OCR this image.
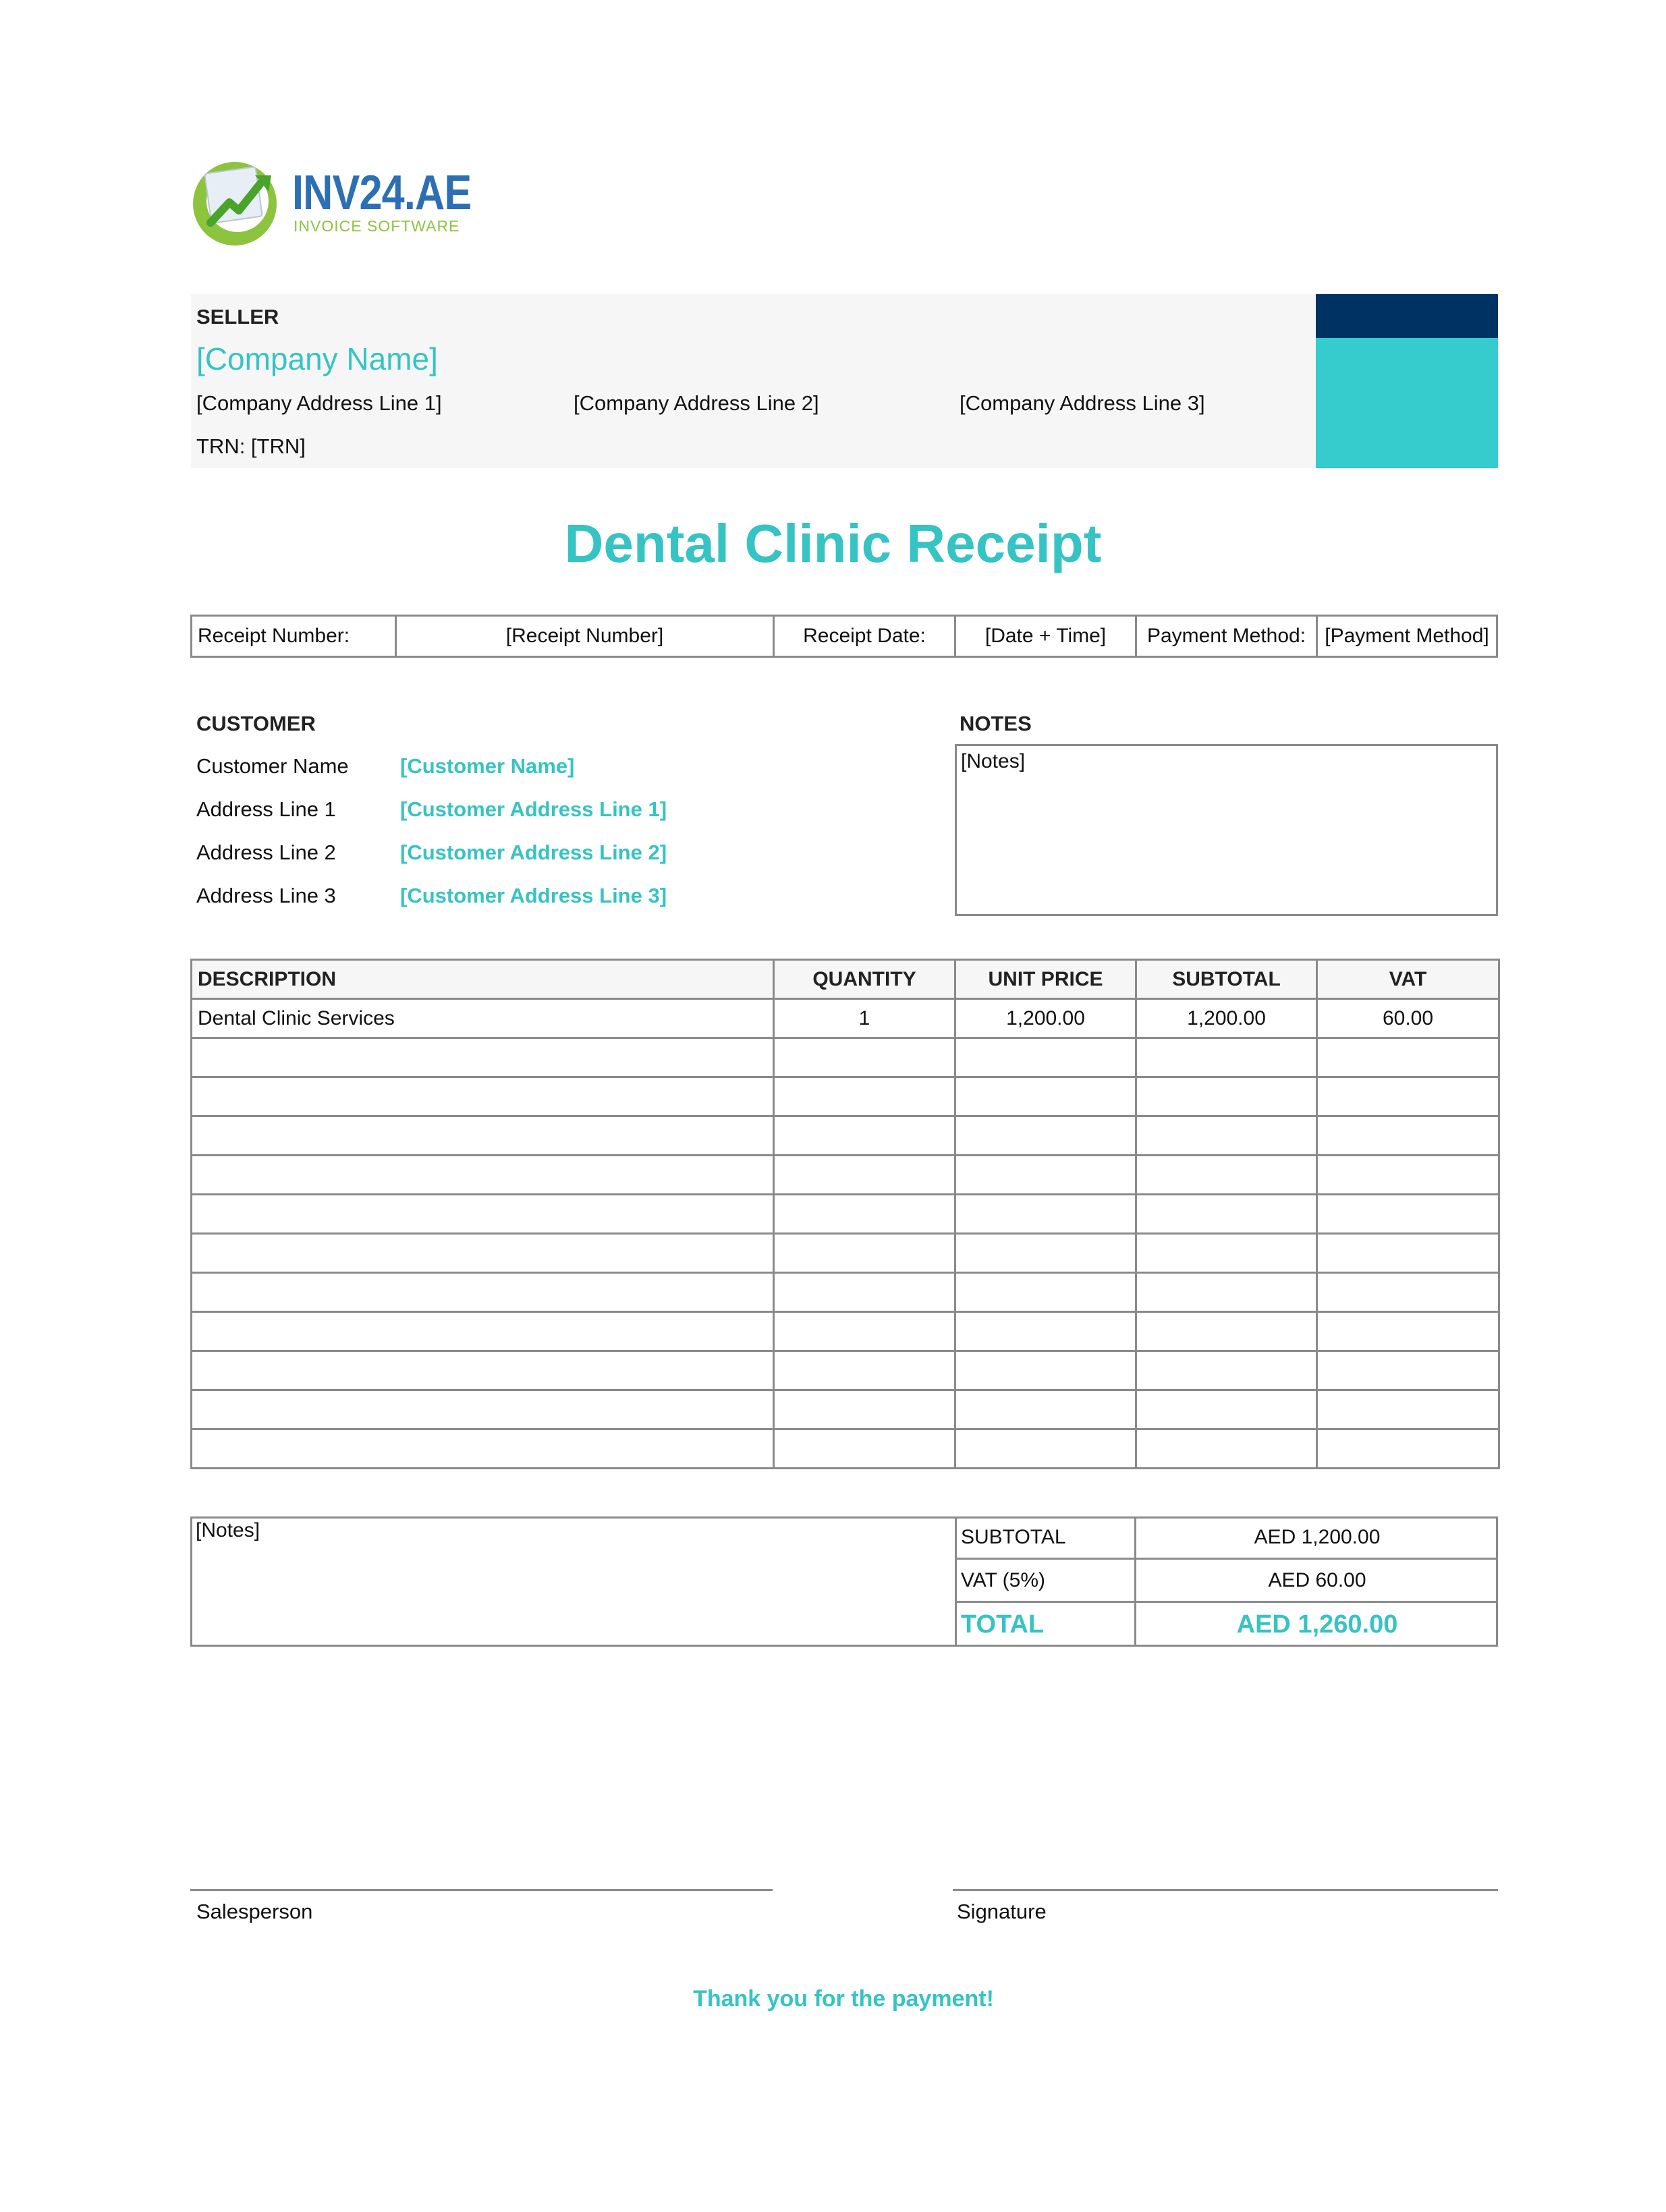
INV24.AE
INVOICE SOFTWARE
SELLER
[Company Name]
[Company Address Line 1]	[Company Address Line 2]	[Company Address Line 3]
TRN: [TRN]
Dental Clinic Receipt
Receipt Number:	[Receipt Number]	Receipt Date:	[Date + Time]	Payment Method: [Payment Method]
CUSTOMER
Customer Name [Customer Name]
Address Line 1	[Customer Address Line 1]
Address Line 2	[Customer Address Line 2]
Address Line 3	[Customer Address Line 3]
NOTES
[Notes]
DESCRIPTION	QUANTITY	UNIT PRICE	SUBTOTAL	VAT
Dental Clinic Services	1	1,200.00	1,200.00	60.00

[Notes]	SUBTOTAL	AED 1,200.00
VAT (5%)	AED 60.00
TOTAL	AED 1,260.00
Salesperson	Signature
Thank you for the payment!
